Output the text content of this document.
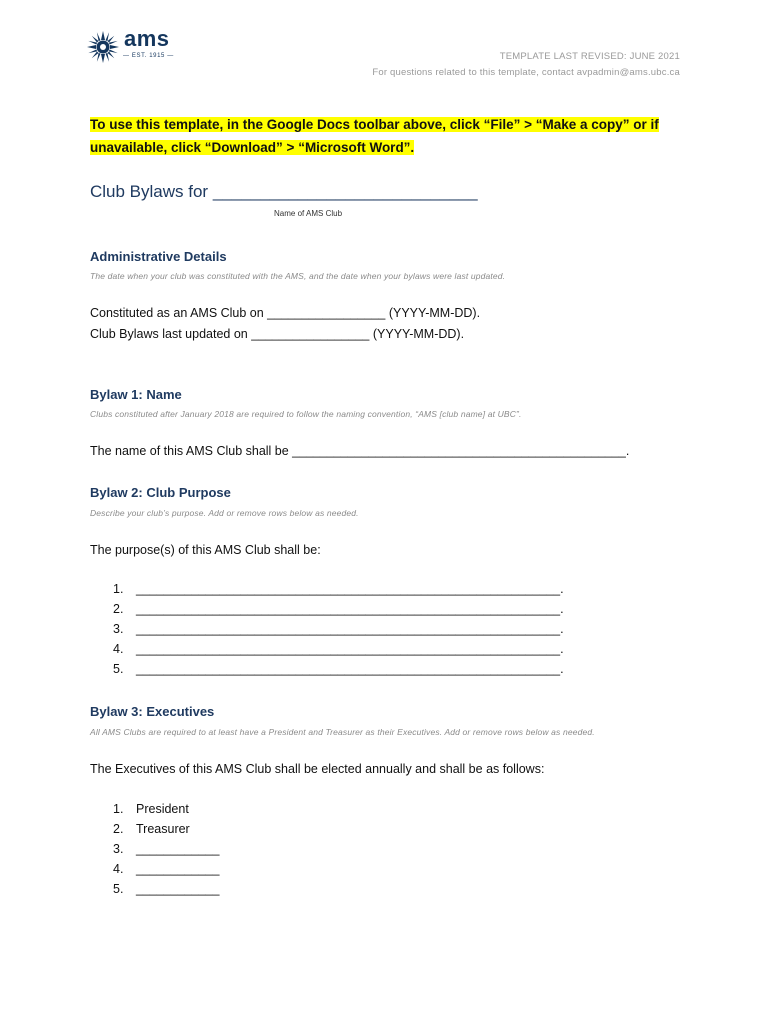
ams
— EST. 1915 —	TEMPLATE LAST REVISED: JUNE 2021
For questions related to this template, contact avpadmin@ams.ubc.ca
To use this template, in the Google Docs toolbar above, click “File” > “Make a copy” or if
unavailable, click “Download” > “Microsoft Word”.
Club Bylaws for ____________________________
Name of AMS Club
Administrative Details
The date when your club was constituted with the AMS, and the date when your bylaws were last updated.
Constituted as an AMS Club on _________________ (YYYY-MM-DD).
Club Bylaws last updated on _________________ (YYYY-MM-DD).
Bylaw 1: Name
Clubs constituted after January 2018 are required to follow the naming convention, “AMS [club name] at UBC”.
The name of this AMS Club shall be ________________________________________________.
Bylaw 2: Club Purpose
Describe your club’s purpose. Add or remove rows below as needed.
The purpose(s) of this AMS Club shall be:
1.	_____________________________________________________________.
2.	_____________________________________________________________.
3.	_____________________________________________________________.
4.	_____________________________________________________________.
5.	_____________________________________________________________.
Bylaw 3: Executives
All AMS Clubs are required to at least have a President and Treasurer as their Executives. Add or remove rows below as needed.
The Executives of this AMS Club shall be elected annually and shall be as follows:
1.	President
2.	Treasurer
3.	____________
4.	____________
5.	____________
